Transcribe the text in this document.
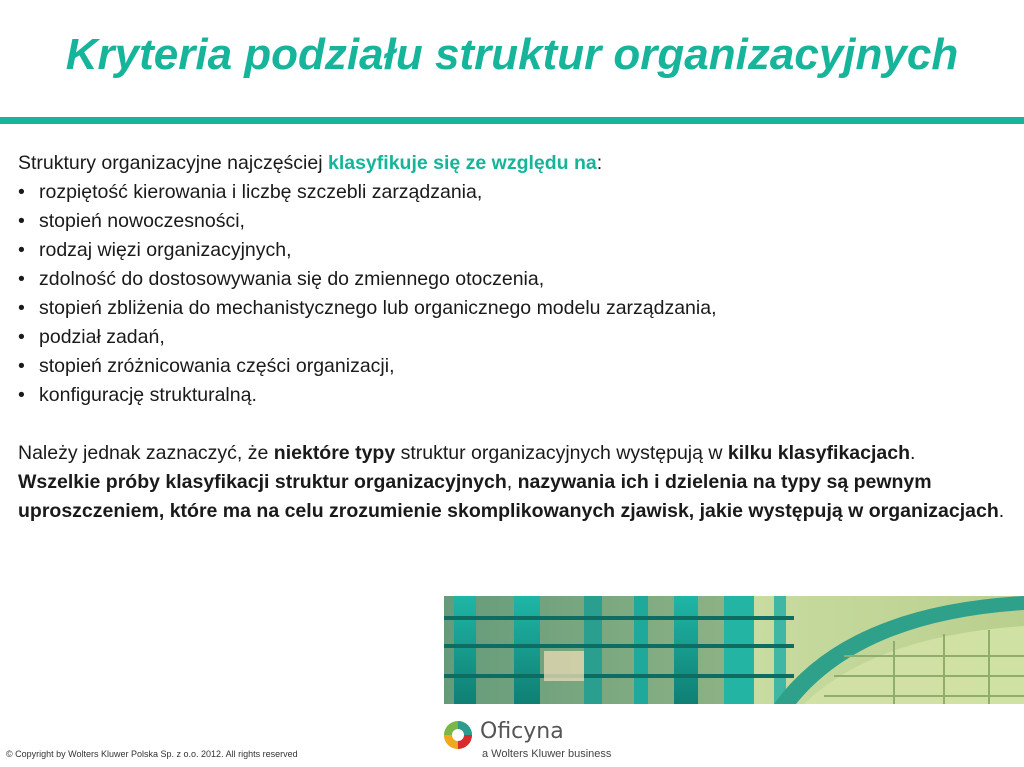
Kryteria podziału struktur organizacyjnych

Struktury organizacyjne najczęściej klasyfikuje się ze względu na:

• rozpiętość kierowania i liczbę szczebli zarządzania,
• stopień nowoczesności,
• rodzaj więzi organizacyjnych,
• zdolność do dostosowywania się do zmiennego otoczenia,
• stopień zbliżenia do mechanistycznego lub organicznego modelu zarządzania,
• podział zadań,
• stopień zróżnicowania części organizacji,
• konfigurację strukturalną.

Należy jednak zaznaczyć, że niektóre typy struktur organizacyjnych występują w kilku klasyfikacjach.

Wszelkie próby klasyfikacji struktur organizacyjnych, nazywania ich i dzielenia na typy są pewnym uproszczeniem, które ma na celu zrozumienie skomplikowanych zjawisk, jakie występują w organizacjach.

Oficyna
a Wolters Kluwer business
© Copyright by Wolters Kluwer Polska Sp. z o.o. 2012. All rights reserved
